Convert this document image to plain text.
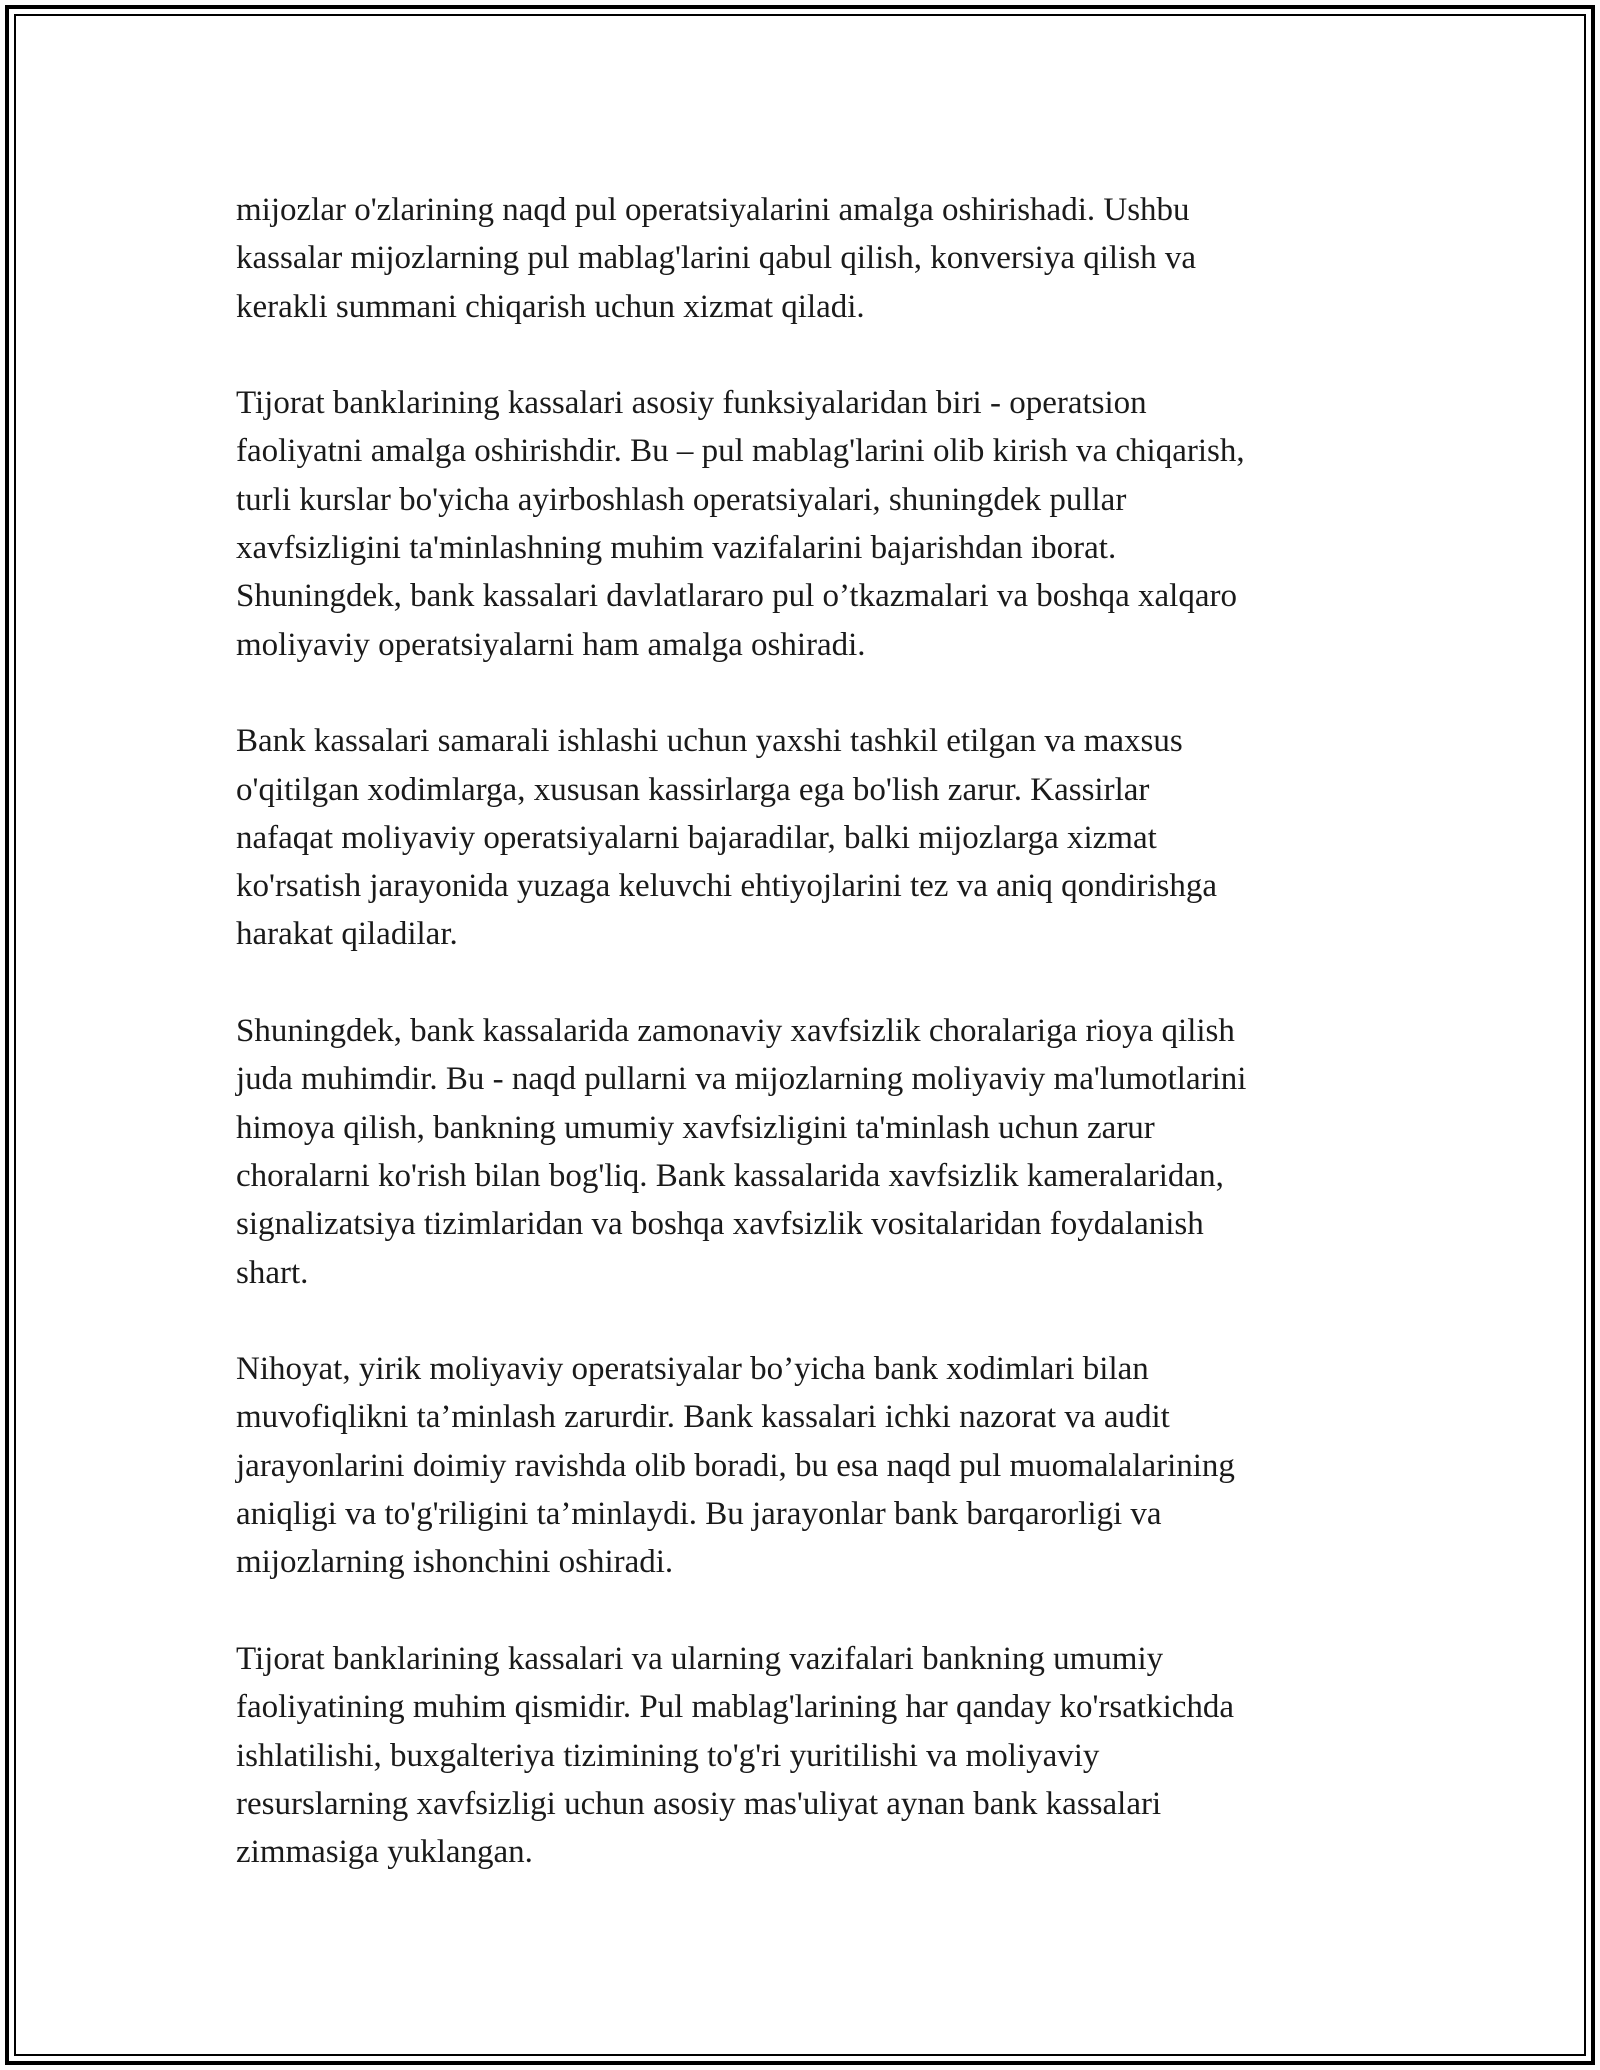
mijozlar o'zlarining naqd pul operatsiyalarini amalga oshirishadi. Ushbu
kassalar mijozlarning pul mablag'larini qabul qilish, konversiya qilish va
kerakli summani chiqarish uchun xizmat qiladi.

Tijorat banklarining kassalari asosiy funksiyalaridan biri - operatsion
faoliyatni amalga oshirishdir. Bu – pul mablag'larini olib kirish va chiqarish,
turli kurslar bo'yicha ayirboshlash operatsiyalari, shuningdek pullar
xavfsizligini ta'minlashning muhim vazifalarini bajarishdan iborat.
Shuningdek, bank kassalari davlatlararo pul o’tkazmalari va boshqa xalqaro
moliyaviy operatsiyalarni ham amalga oshiradi.

Bank kassalari samarali ishlashi uchun yaxshi tashkil etilgan va maxsus
o'qitilgan xodimlarga, xususan kassirlarga ega bo'lish zarur. Kassirlar
nafaqat moliyaviy operatsiyalarni bajaradilar, balki mijozlarga xizmat
ko'rsatish jarayonida yuzaga keluvchi ehtiyojlarini tez va aniq qondirishga
harakat qiladilar.

Shuningdek, bank kassalarida zamonaviy xavfsizlik choralariga rioya qilish
juda muhimdir. Bu - naqd pullarni va mijozlarning moliyaviy ma'lumotlarini
himoya qilish, bankning umumiy xavfsizligini ta'minlash uchun zarur
choralarni ko'rish bilan bog'liq. Bank kassalarida xavfsizlik kameralaridan,
signalizatsiya tizimlaridan va boshqa xavfsizlik vositalaridan foydalanish
shart.

Nihoyat, yirik moliyaviy operatsiyalar bo’yicha bank xodimlari bilan
muvofiqlikni ta’minlash zarurdir. Bank kassalari ichki nazorat va audit
jarayonlarini doimiy ravishda olib boradi, bu esa naqd pul muomalalarining
aniqligi va to'g'riligini ta’minlaydi. Bu jarayonlar bank barqarorligi va
mijozlarning ishonchini oshiradi.

Tijorat banklarining kassalari va ularning vazifalari bankning umumiy
faoliyatining muhim qismidir. Pul mablag'larining har qanday ko'rsatkichda
ishlatilishi, buxgalteriya tizimining to'g'ri yuritilishi va moliyaviy
resurslarning xavfsizligi uchun asosiy mas'uliyat aynan bank kassalari
zimmasiga yuklangan.
